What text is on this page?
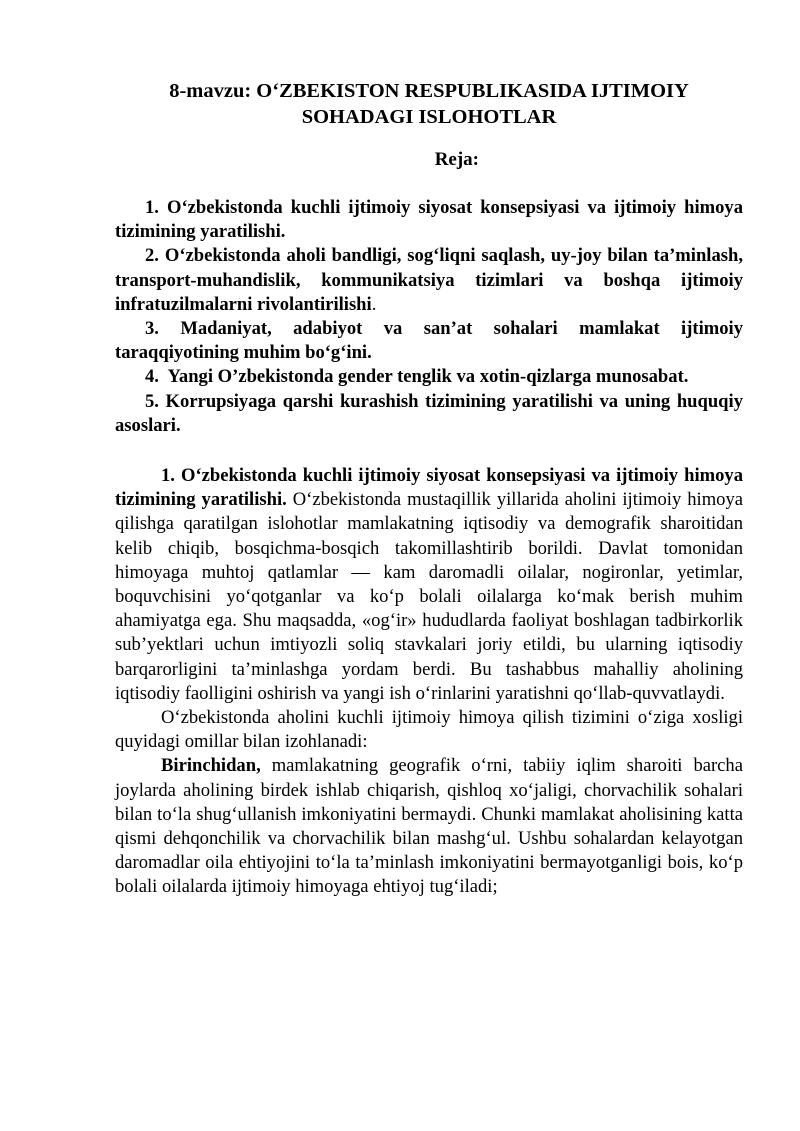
8-mavzu: O‘ZBEKISTON RESPUBLIKASIDA IJTIMOIY
SOHADAGI ISLOHOTLAR

Reja:

1. O‘zbekistonda kuchli ijtimoiy siyosat konsepsiyasi va ijtimoiy himoya tizimining yaratilishi.
2. O‘zbekistonda aholi bandligi, sog‘liqni saqlash, uy-joy bilan ta’minlash, transport-muhandislik, kommunikatsiya tizimlari va boshqa ijtimoiy infratuzilmalarni rivolantirilishi.
3. Madaniyat, adabiyot va san’at sohalari mamlakat ijtimoiy taraqqiyotining muhim bo‘g‘ini.
4.  Yangi O’zbekistonda gender tenglik va xotin-qizlarga munosabat.
5. Korrupsiyaga qarshi kurashish tizimining yaratilishi va uning huquqiy asoslari.

1. O‘zbekistonda kuchli ijtimoiy siyosat konsepsiyasi va ijtimoiy himoya tizimining yaratilishi. O‘zbekistonda mustaqillik yillarida aholini ijtimoiy himoya qilishga qaratilgan islohotlar mamlakatning iqtisodiy va demografik sharoitidan kelib chiqib, bosqichma-bosqich takomillashtirib borildi. Davlat tomonidan himoyaga muhtoj qatlamlar — kam daromadli oilalar, nogironlar, yetimlar, boquvchisini yo‘qotganlar va ko‘p bolali oilalarga ko‘mak berish muhim ahamiyatga ega. Shu maqsadda, «og‘ir» hududlarda faoliyat boshlagan tadbirkorlik sub’yektlari uchun imtiyozli soliq stavkalari joriy etildi, bu ularning iqtisodiy barqarorligini ta’minlashga yordam berdi. Bu tashabbus mahalliy aholining iqtisodiy faolligini oshirish va yangi ish o‘rinlarini yaratishni qo‘llab-quvvatlaydi.

O‘zbekistonda aholini kuchli ijtimoiy himoya qilish tizimini o‘ziga xosligi quyidagi omillar bilan izohlanadi:

Birinchidan, mamlakatning geografik o‘rni, tabiiy iqlim sharoiti barcha joylarda aholining birdek ishlab chiqarish, qishloq xo‘jaligi, chorvachilik sohalari bilan to‘la shug‘ullanish imkoniyatini bermaydi. Chunki mamlakat aholisining katta qismi dehqonchilik va chorvachilik bilan mashg‘ul. Ushbu sohalardan kelayotgan daromadlar oila ehtiyojini to‘la ta’minlash imkoniyatini bermayotganligi bois, ko‘p bolali oilalarda ijtimoiy himoyaga ehtiyoj tug‘iladi;
